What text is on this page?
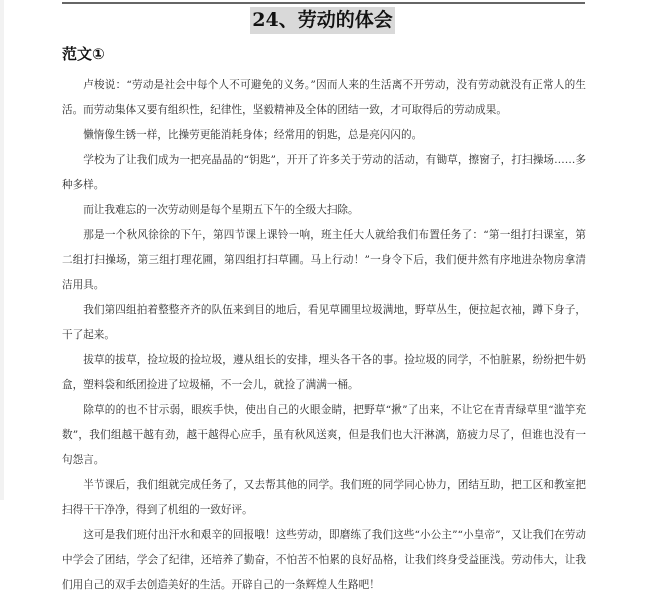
24、劳动的体会
范文①

卢梭说：“劳动是社会中每个人不可避免的义务。”因而人来的生活离不开劳动，没有劳动就没有正常人的生活。而劳动集体又要有组织性，纪律性，坚毅精神及全体的团结一致，才可取得后的劳动成果。

懒惰像生锈一样，比操劳更能消耗身体；经常用的钥匙，总是亮闪闪的。

学校为了让我们成为一把亮晶晶的“钥匙”，开开了许多关于劳动的活动，有锄草，擦窗子，打扫操场……多种多样。

而让我难忘的一次劳动则是每个星期五下午的全级大扫除。

那是一个秋风徐徐的下午，第四节课上课铃一响，班主任大人就给我们布置任务了：“第一组打扫课室，第二组打扫操场，第三组打理花圃，第四组打扫草圃。马上行动！”一身令下后，我们便井然有序地进杂物房拿清洁用具。

我们第四组拍着整整齐齐的队伍来到目的地后，看见草圃里垃圾满地，野草丛生，便拉起衣袖，蹲下身子，干了起来。

拔草的拔草，捡垃圾的捡垃圾，遵从组长的安排，埋头各干各的事。捡垃圾的同学，不怕脏累，纷纷把牛奶盒，塑料袋和纸团捡进了垃圾桶，不一会儿，就捡了满满一桶。

除草的的也不甘示弱，眼疾手快，使出自己的火眼金睛，把野草“揪”了出来，不让它在青青绿草里“滥竽充数”，我们组越干越有劲，越干越得心应手，虽有秋风送爽，但是我们也大汗淋漓，筋疲力尽了，但谁也没有一句怨言。

半节课后，我们组就完成任务了，又去帮其他的同学。我们班的同学同心协力，团结互助，把工区和教室把扫得干干净净，得到了机组的一致好评。

这可是我们班付出汗水和艰辛的回报哦！这些劳动，即磨练了我们这些“小公主”“小皇帝”，又让我们在劳动中学会了团结，学会了纪律，还培养了勤奋，不怕苦不怕累的良好品格，让我们终身受益匪浅。劳动伟大，让我们用自己的双手去创造美好的生活。开辟自己的一条辉煌人生路吧！
